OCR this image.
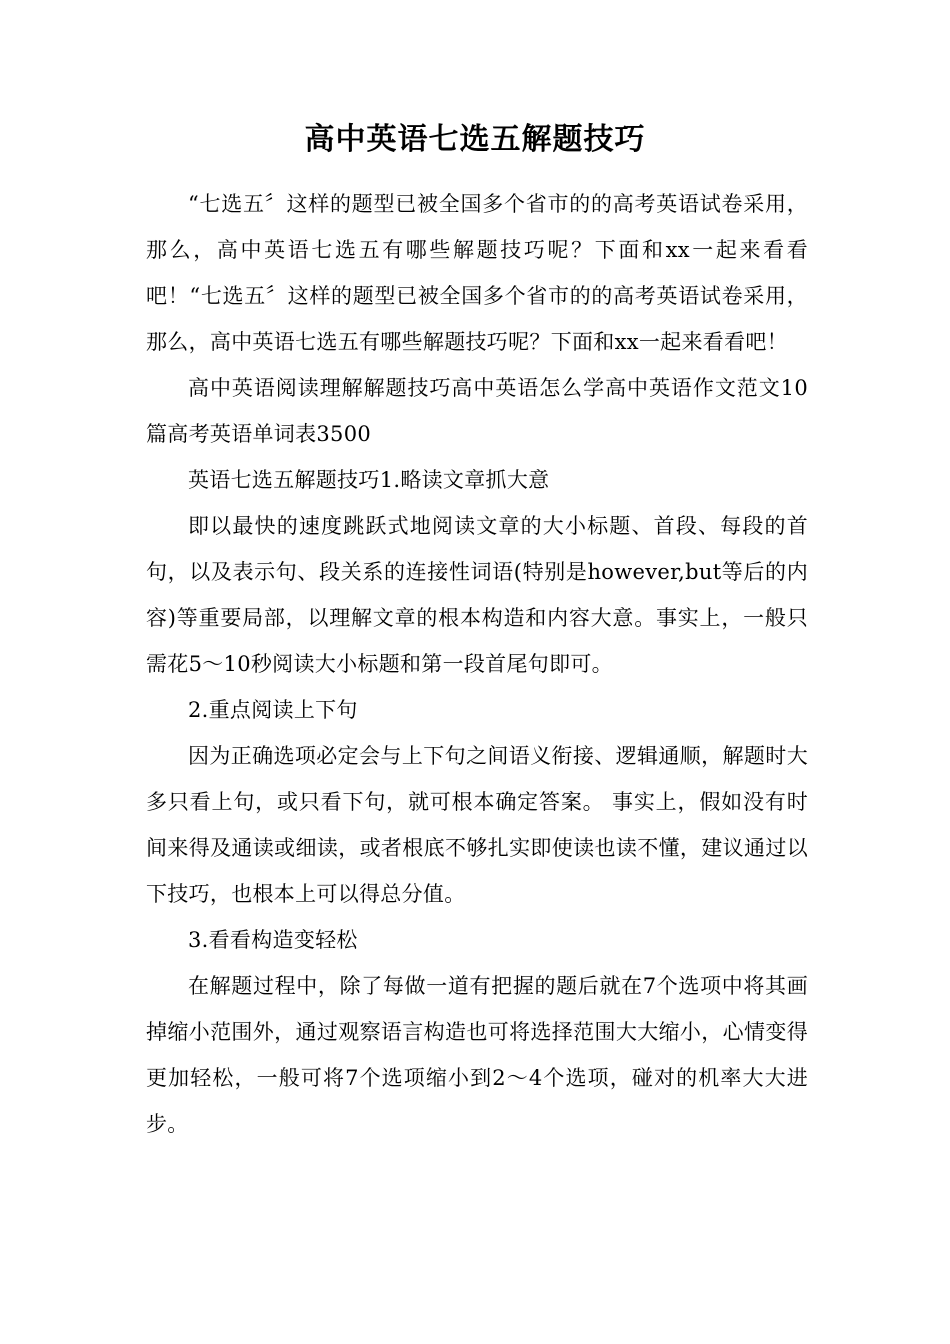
高中英语七选五解题技巧

“七选五〞这样的题型已被全国多个省市的的高考英语试卷采用，那么，高中英语七选五有哪些解题技巧呢？下面和xx一起来看看吧！“七选五〞这样的题型已被全国多个省市的的高考英语试卷采用，那么，高中英语七选五有哪些解题技巧呢？下面和xx一起来看看吧！

高中英语阅读理解解题技巧高中英语怎么学高中英语作文范文10篇高考英语单词表3500

英语七选五解题技巧1.略读文章抓大意

即以最快的速度跳跃式地阅读文章的大小标题、首段、每段的首句，以及表示句、段关系的连接性词语(特别是however,but等后的内容)等重要局部，以理解文章的根本构造和内容大意。事实上，一般只需花5～10秒阅读大小标题和第一段首尾句即可。

2.重点阅读上下句

因为正确选项必定会与上下句之间语义衔接、逻辑通顺，解题时大多只看上句，或只看下句，就可根本确定答案。 事实上，假如没有时间来得及通读或细读，或者根底不够扎实即使读也读不懂，建议通过以下技巧，也根本上可以得总分值。

3.看看构造变轻松

在解题过程中，除了每做一道有把握的题后就在7个选项中将其画掉缩小范围外，通过观察语言构造也可将选择范围大大缩小，心情变得更加轻松，一般可将7个选项缩小到2～4个选项，碰对的机率大大进步。
